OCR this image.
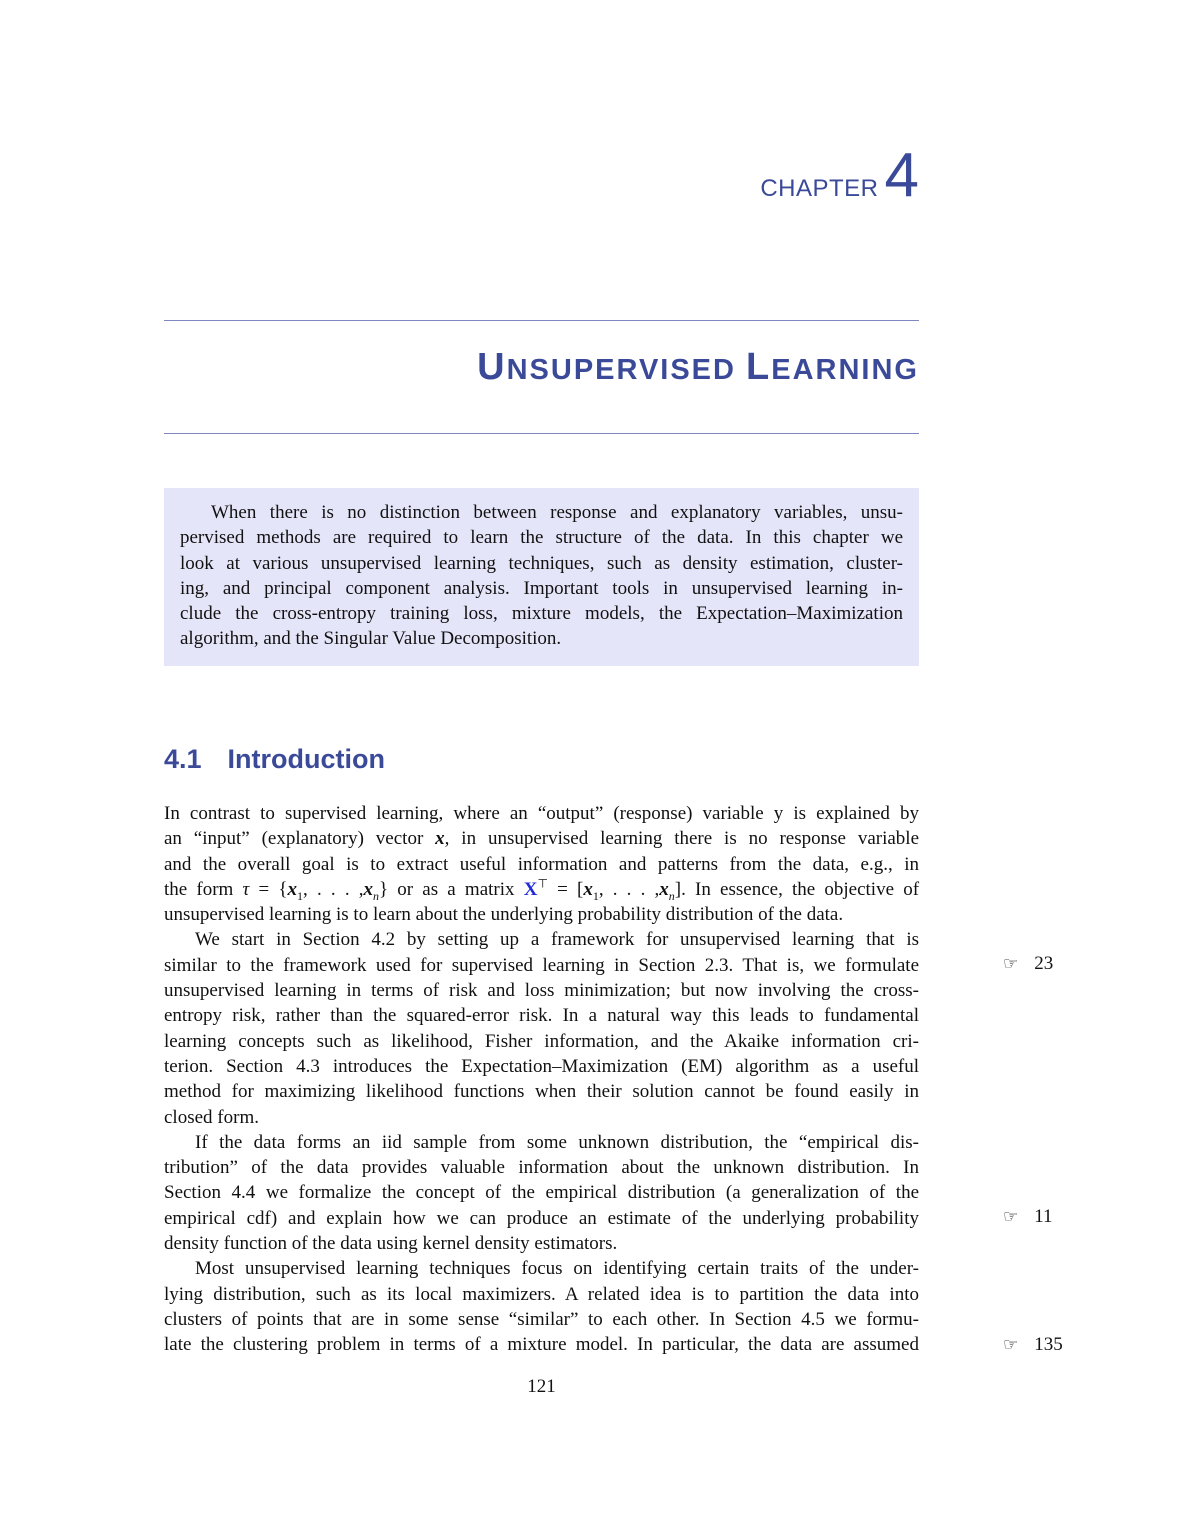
CHAPTER4
UNSUPERVISED LEARNING
When there is no distinction between response and explanatory variables, unsu-
pervised methods are required to learn the structure of the data. In this chapter we
look at various unsupervised learning techniques, such as density estimation, cluster-
ing, and principal component analysis. Important tools in unsupervised learning in-
clude the cross-entropy training loss, mixture models, the Expectation–Maximization
algorithm, and the Singular Value Decomposition.
4.1 Introduction
In contrast to supervised learning, where an “output” (response) variable y is explained by
an “input” (explanatory) vector x, in unsupervised learning there is no response variable
and the overall goal is to extract useful information and patterns from the data, e.g., in
the form $\tau = \{x_1$, . . . $,x_n$} or as a matrix $X^⊤ = [x_1$, . . . $,x_n$]. In essence, the objective of
unsupervised learning is to learn about the underlying probability distribution of the data.
We start in Section 4.2 by setting up a framework for unsupervised learning that is
similar to the framework used for supervised learning in Section 2.3. That is, we formulate
unsupervised learning in terms of risk and loss minimization; but now involving the cross-
entropy risk, rather than the squared-error risk. In a natural way this leads to fundamental
learning concepts such as likelihood, Fisher information, and the Akaike information cri-
terion. Section 4.3 introduces the Expectation–Maximization (EM) algorithm as a useful
method for maximizing likelihood functions when their solution cannot be found easily in
closed form.
If the data forms an iid sample from some unknown distribution, the “empirical dis-
tribution” of the data provides valuable information about the unknown distribution. In
Section 4.4 we formalize the concept of the empirical distribution (a generalization of the
empirical cdf) and explain how we can produce an estimate of the underlying probability
density function of the data using kernel density estimators.
Most unsupervised learning techniques focus on identifying certain traits of the under-
lying distribution, such as its local maximizers. A related idea is to partition the data into
clusters of points that are in some sense “similar” to each other. In Section 4.5 we formu-
late the clustering problem in terms of a mixture model. In particular, the data are assumed
☞ 23
☞ 11
☞ 135
121
